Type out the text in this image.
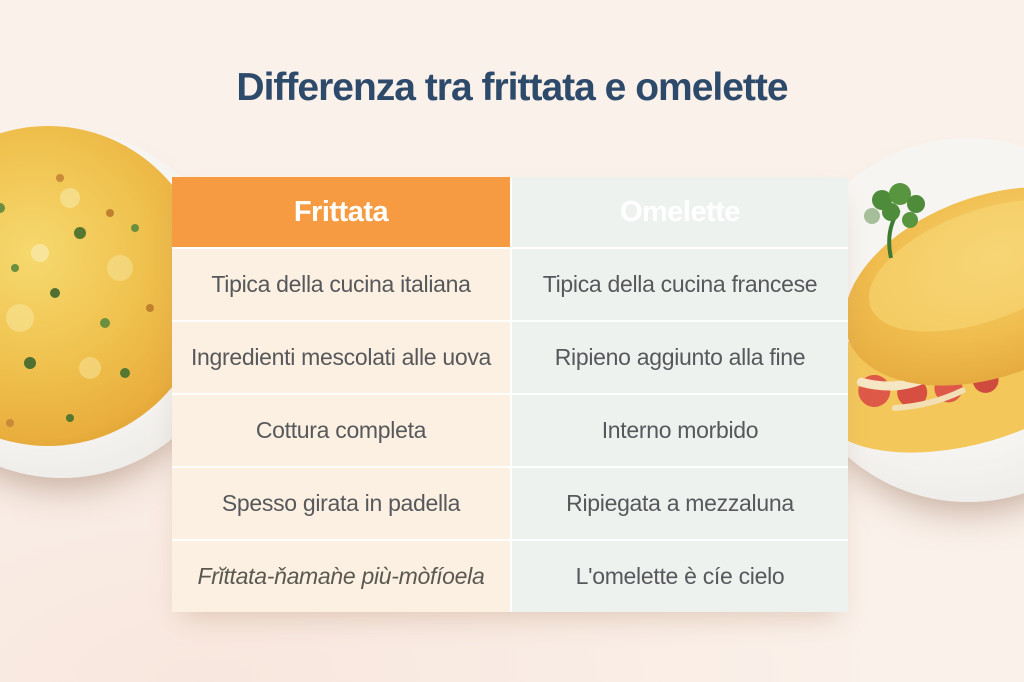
Differenza tra frittata e omelette
Frittata	Omelette
Tipica della cucina italiana	Tipica della cucina francese
Ingredienti mescolati alle uova	Ripieno aggiunto alla fine
Cottura completa	Interno morbido
Spesso girata in padella	Ripiegata a mezzaluna
Frĭttata-ňamaǹe più-mòfíoela	L'omelette è cíe cielo
